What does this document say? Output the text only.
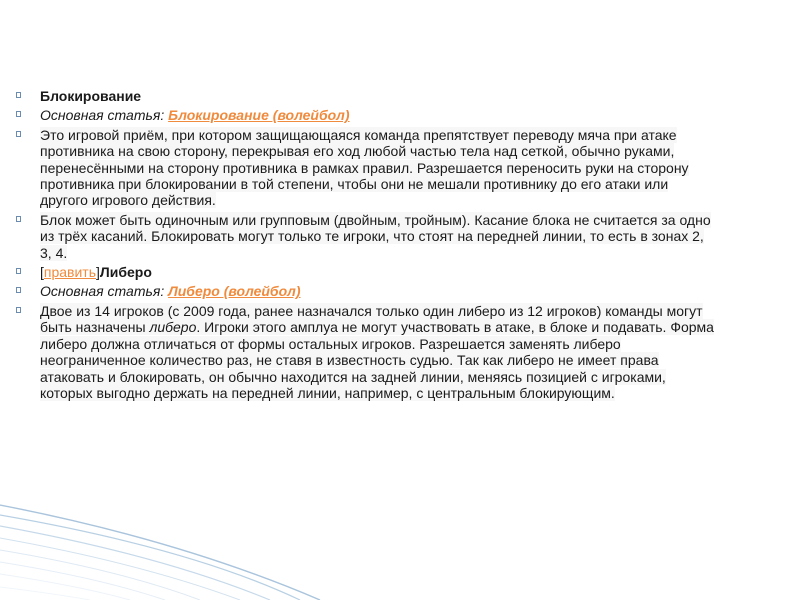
Блокирование
Основная статья: Блокирование (волейбол)
Это игровой приём, при котором защищающаяся команда препятствует переводу мяча при атаке противника на свою сторону, перекрывая его ход любой частью тела над сеткой, обычно руками, перенесёнными на сторону противника в рамках правил. Разрешается переносить руки на сторону противника при блокировании в той степени, чтобы они не мешали противнику до его атаки или другого игрового действия.
Блок может быть одиночным или групповым (двойным, тройным). Касание блока не считается за одно из трёх касаний. Блокировать могут только те игроки, что стоят на передней линии, то есть в зонах 2, 3, 4.
[править]Либеро
Основная статья: Либеро (волейбол)
Двое из 14 игроков (с 2009 года, ранее назначался только один либеро из 12 игроков) команды могут быть назначены либеро. Игроки этого амплуа не могут участвовать в атаке, в блоке и подавать. Форма либеро должна отличаться от формы остальных игроков. Разрешается заменять либеро неограниченное количество раз, не ставя в известность судью. Так как либеро не имеет права атаковать и блокировать, он обычно находится на задней линии, меняясь позицией с игроками, которых выгодно держать на передней линии, например, с центральным блокирующим.
